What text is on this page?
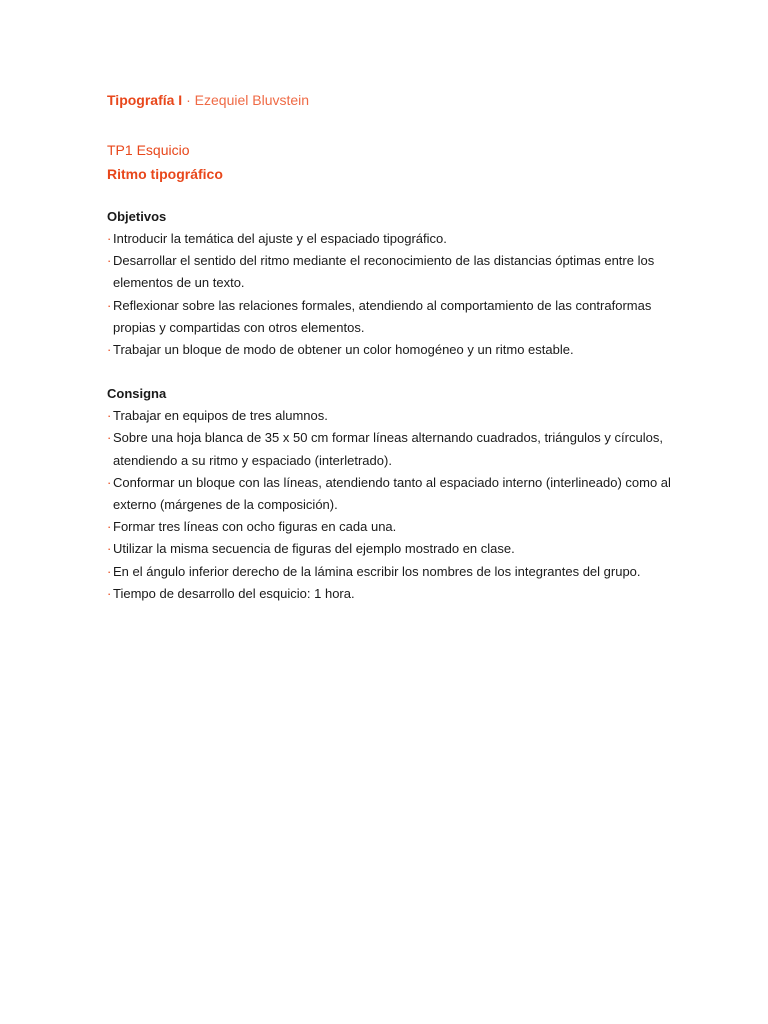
Tipografía I · Ezequiel Bluvstein
TP1 Esquicio
Ritmo tipográfico
Objetivos
· Introducir la temática del ajuste y el espaciado tipográfico.
· Desarrollar el sentido del ritmo mediante el reconocimiento de las distancias óptimas entre los elementos de un texto.
· Reflexionar sobre las relaciones formales, atendiendo al comportamiento de las contraformas propias y compartidas con otros elementos.
· Trabajar un bloque de modo de obtener un color homogéneo y un ritmo estable.
Consigna
· Trabajar en equipos de tres alumnos.
· Sobre una hoja blanca de 35 x 50 cm formar líneas alternando cuadrados, triángulos y círculos, atendiendo a su ritmo y espaciado (interletrado).
· Conformar un bloque con las líneas, atendiendo tanto al espaciado interno (interlineado) como al externo (márgenes de la composición).
· Formar tres líneas con ocho figuras en cada una.
· Utilizar la misma secuencia de figuras del ejemplo mostrado en clase.
· En el ángulo inferior derecho de la lámina escribir los nombres de los integrantes del grupo.
· Tiempo de desarrollo del esquicio: 1 hora.
